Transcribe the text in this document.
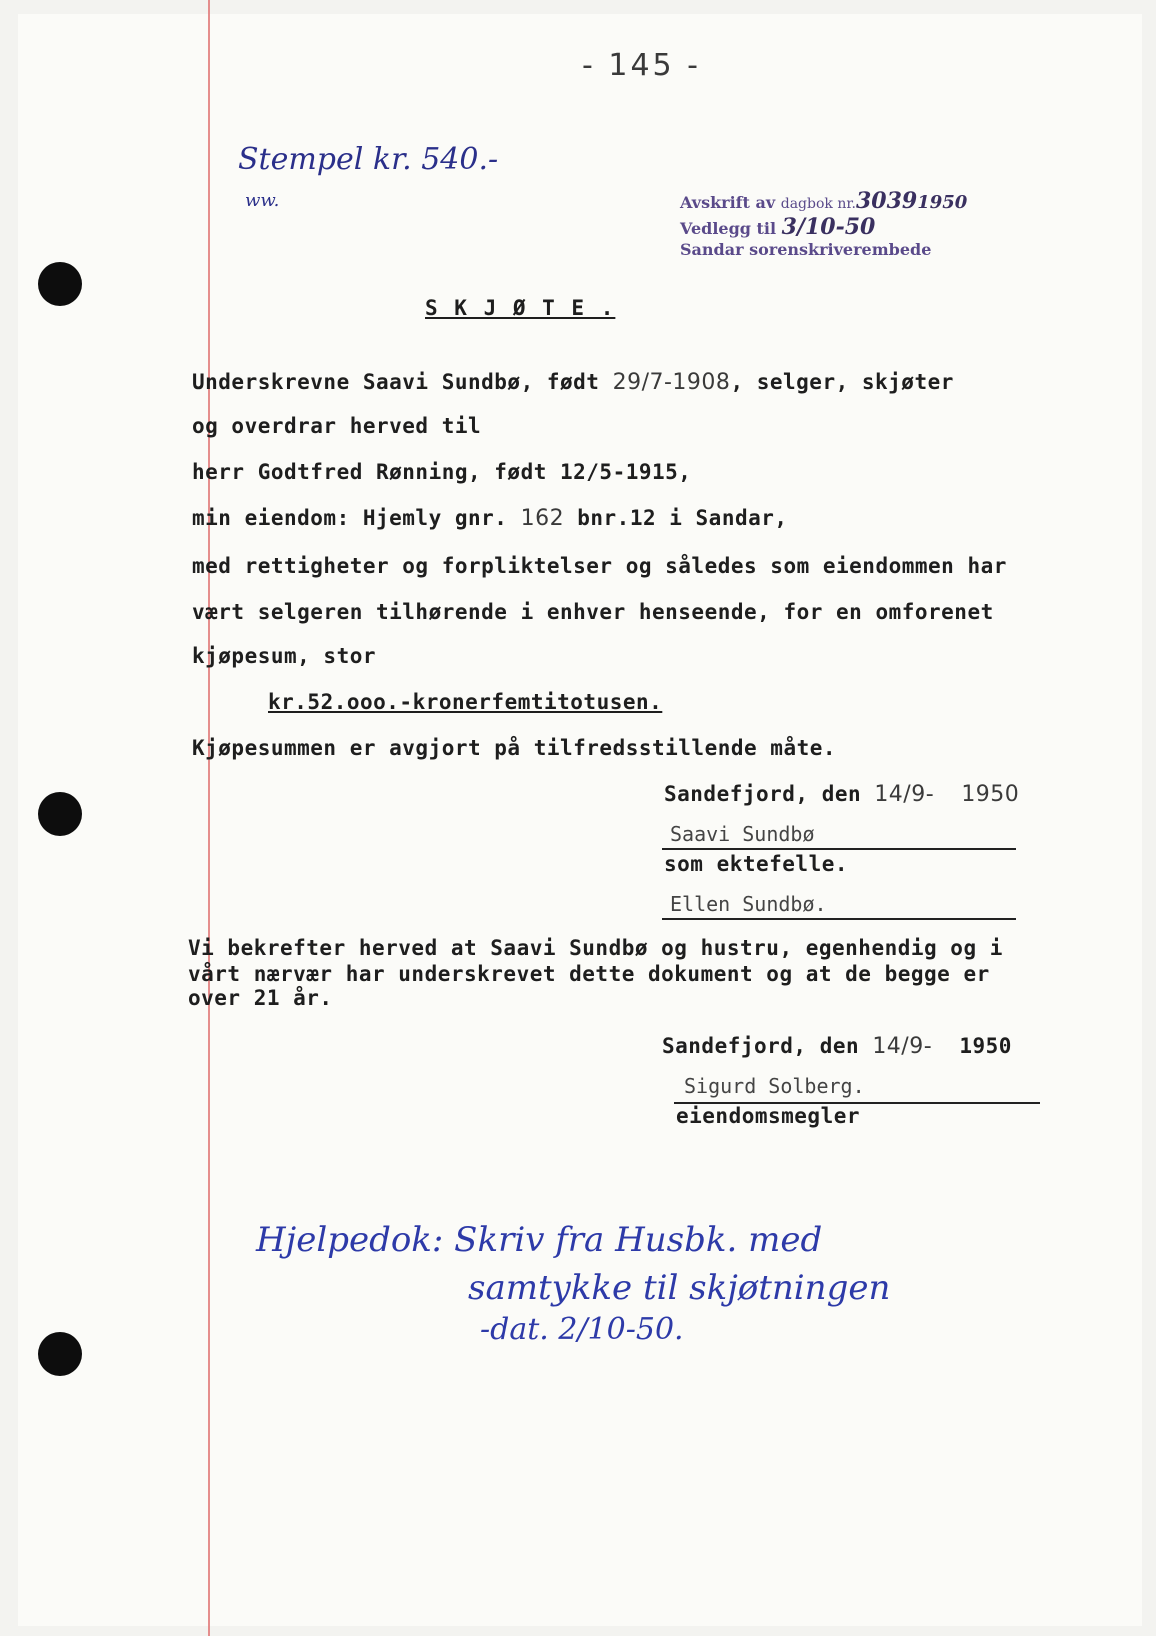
- 145 -
Stempel kr. 540.-
ww.	Avskrift av dagbok nr.30391950
Vedlegg til 3/10-50
Sandar sorenskriverembede
S K J Ø T E .
Underskrevne Saavi Sundbø, født 29/7-1908, selger, skjøter
og overdrar herved til
herr Godtfred Rønning, født 12/5-1915,
min eiendom: Hjemly gnr. 162 bnr.12 i Sandar,
med rettigheter og forpliktelser og således som eiendommen har
vært selgeren tilhørende i enhver henseende, for en omforenet
kjøpesum, stor
kr.52.ooo.-kronerfemtitotusen.
Kjøpesummen er avgjort på tilfredsstillende måte.
Sandefjord, den 14/9- 1950
Saavi Sundbø
som ektefelle.
Ellen Sundbø.
Vi bekrefter herved at Saavi Sundbø og hustru, egenhendig og i
vårt nærvær har underskrevet dette dokument og at de begge er
over 21 år.
Sandefjord, den 14/9- 1950
Sigurd Solberg.
eiendomsmegler
Hjelpedok: Skriv fra Husbk. med
samtykke til skjøtningen
-dat. 2/10-50.
